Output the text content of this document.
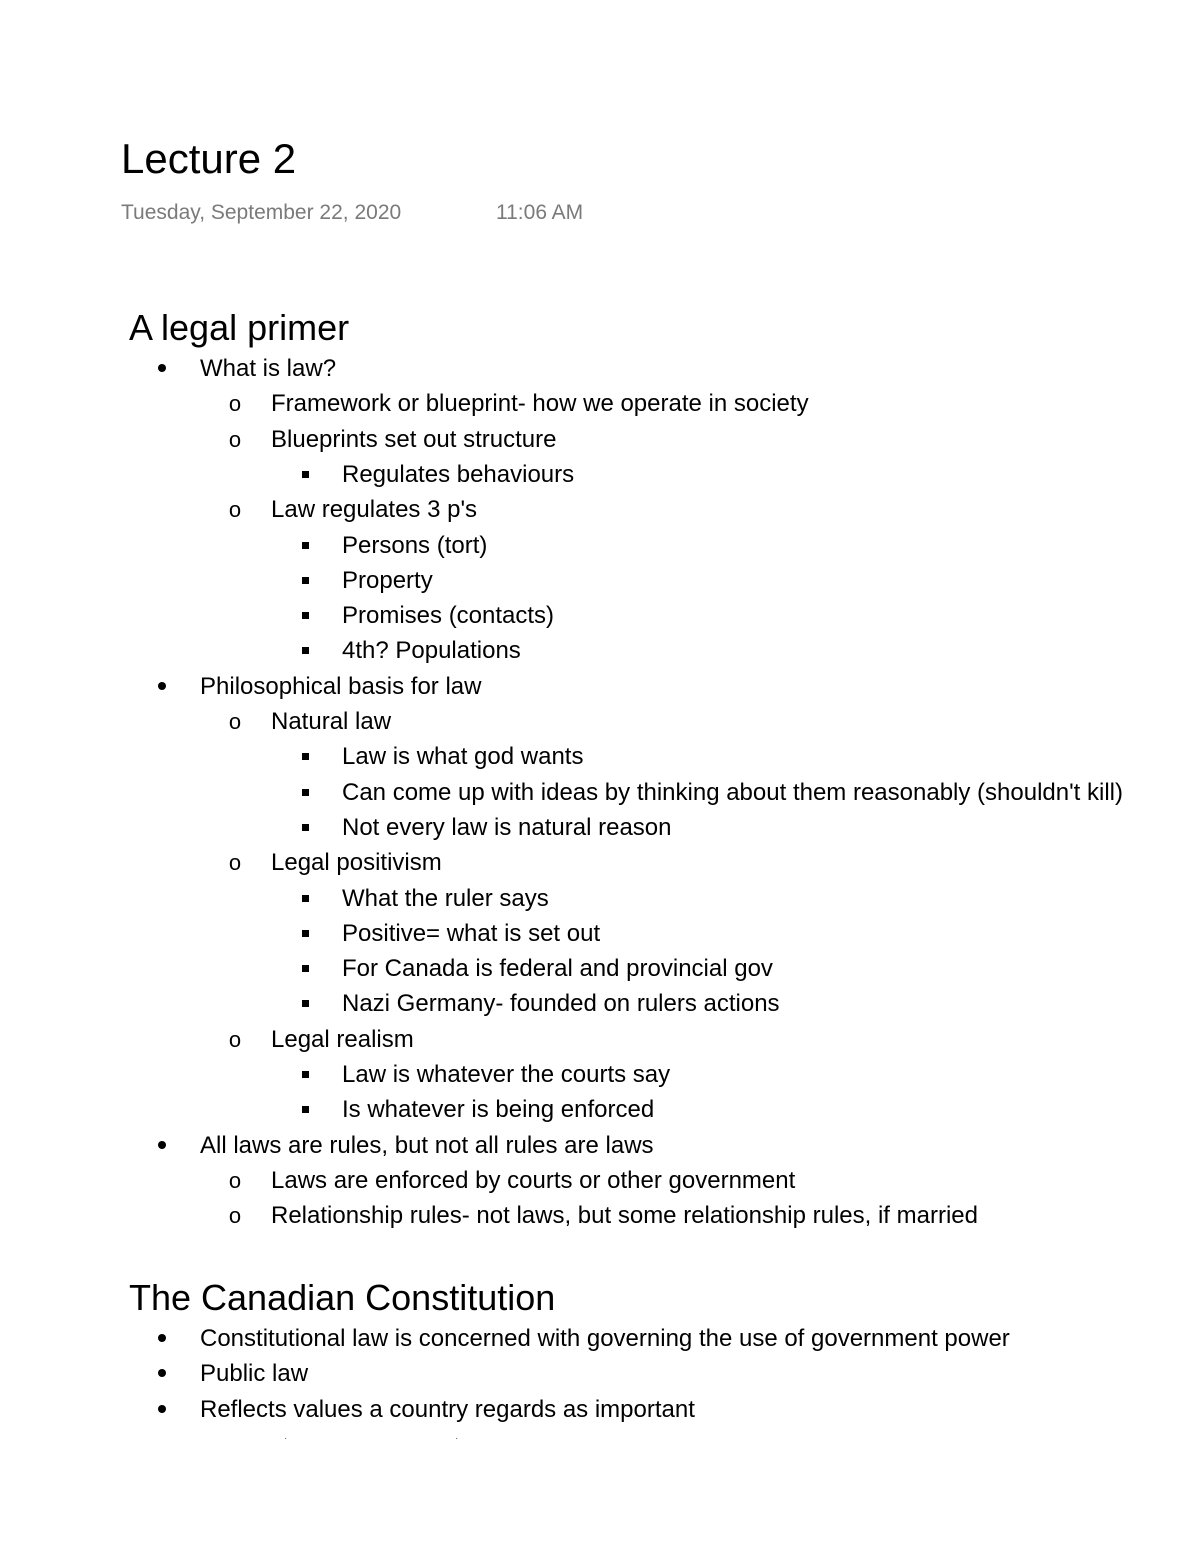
Lecture 2
Tuesday, September 22, 2020	11:06 AM
A legal primer
What is law?
o Framework or blueprint- how we operate in society
o Blueprints set out structure
Regulates behaviours
o Law regulates 3 p's
Persons (tort)
Property
Promises (contacts)
4th? Populations
Philosophical basis for law
o Natural law
Law is what god wants
Can come up with ideas by thinking about them reasonably (shouldn't kill)
Not every law is natural reason
o Legal positivism
What the ruler says
Positive= what is set out
For Canada is federal and provincial gov
Nazi Germany- founded on rulers actions
o Legal realism
Law is whatever the courts say
Is whatever is being enforced
All laws are rules, but not all rules are laws
o Laws are enforced by courts or other government
o Relationship rules- not laws, but some relationship rules, if married
The Canadian Constitution
Constitutional law is concerned with governing the use of government power
Public law
Reflects values a country regards as important
·	·
